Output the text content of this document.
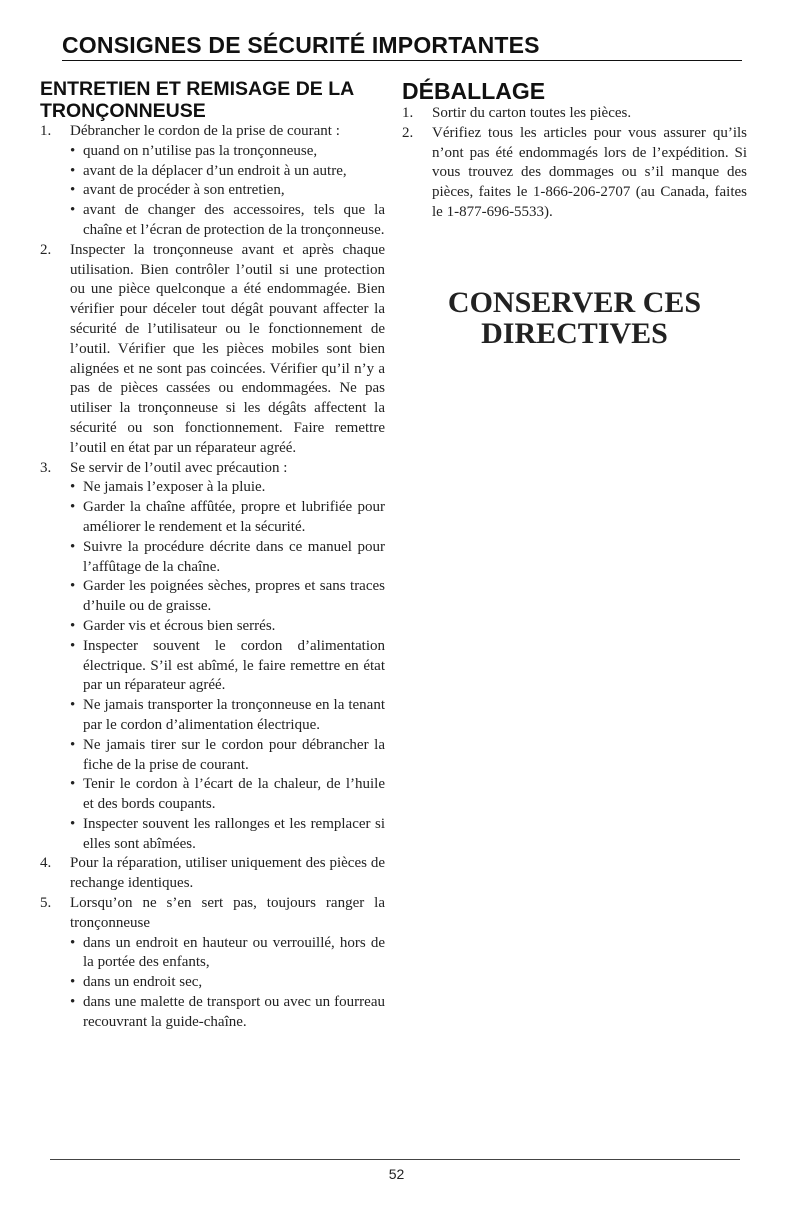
CONSIGNES DE SÉCURITÉ IMPORTANTES
ENTRETIEN ET REMISAGE DE LA
TRONÇONNEUSE
1. Débrancher le cordon de la prise de courant :
• quand on n’utilise pas la tronçonneuse,
• avant de la déplacer d’un endroit à un autre,
• avant de procéder à son entretien,
• avant de changer des accessoires, tels que la chaîne et l’écran de protection de la tronçonneuse.
2. Inspecter la tronçonneuse avant et après chaque utilisation. Bien contrôler l’outil si une protection ou une pièce quelconque a été endommagée. Bien vérifier pour déceler tout dégât pouvant affecter la sécurité de l’utilisateur ou le fonctionnement de l’outil. Vérifier que les pièces mobiles sont bien alignées et ne sont pas coincées. Vérifier qu’il n’y a pas de pièces cassées ou endommagées. Ne pas utiliser la tronçonneuse si les dégâts affectent la sécurité ou son fonctionnement. Faire remettre l’outil en état par un réparateur agréé.
3. Se servir de l’outil avec précaution :
• Ne jamais l’exposer à la pluie.
• Garder la chaîne affûtée, propre et lubrifiée pour améliorer le rendement et la sécurité.
• Suivre la procédure décrite dans ce manuel pour l’affûtage de la chaîne.
• Garder les poignées sèches, propres et sans traces d’huile ou de graisse.
• Garder vis et écrous bien serrés.
• Inspecter souvent le cordon d’alimentation électrique. S’il est abîmé, le faire remettre en état par un réparateur agréé.
• Ne jamais transporter la tronçonneuse en la tenant par le cordon d’alimentation électrique.
• Ne jamais tirer sur le cordon pour débrancher la fiche de la prise de courant.
• Tenir le cordon à l’écart de la chaleur, de l’huile et des bords coupants.
• Inspecter souvent les rallonges et les remplacer si elles sont abîmées.
4. Pour la réparation, utiliser uniquement des pièces de rechange identiques.
5. Lorsqu’on ne s’en sert pas, toujours ranger la tronçonneuse
• dans un endroit en hauteur ou verrouillé, hors de la portée des enfants,
• dans un endroit sec,
• dans une malette de transport ou avec un fourreau recouvrant la guide-chaîne.
DÉBALLAGE
1. Sortir du carton toutes les pièces.
2. Vérifiez tous les articles pour vous assurer qu’ils n’ont pas été endommagés lors de l’expédition. Si vous trouvez des dommages ou s’il manque des pièces, faites le 1-866-206-2707 (au Canada, faites le 1-877-696-5533).
CONSERVER CES
DIRECTIVES
52
